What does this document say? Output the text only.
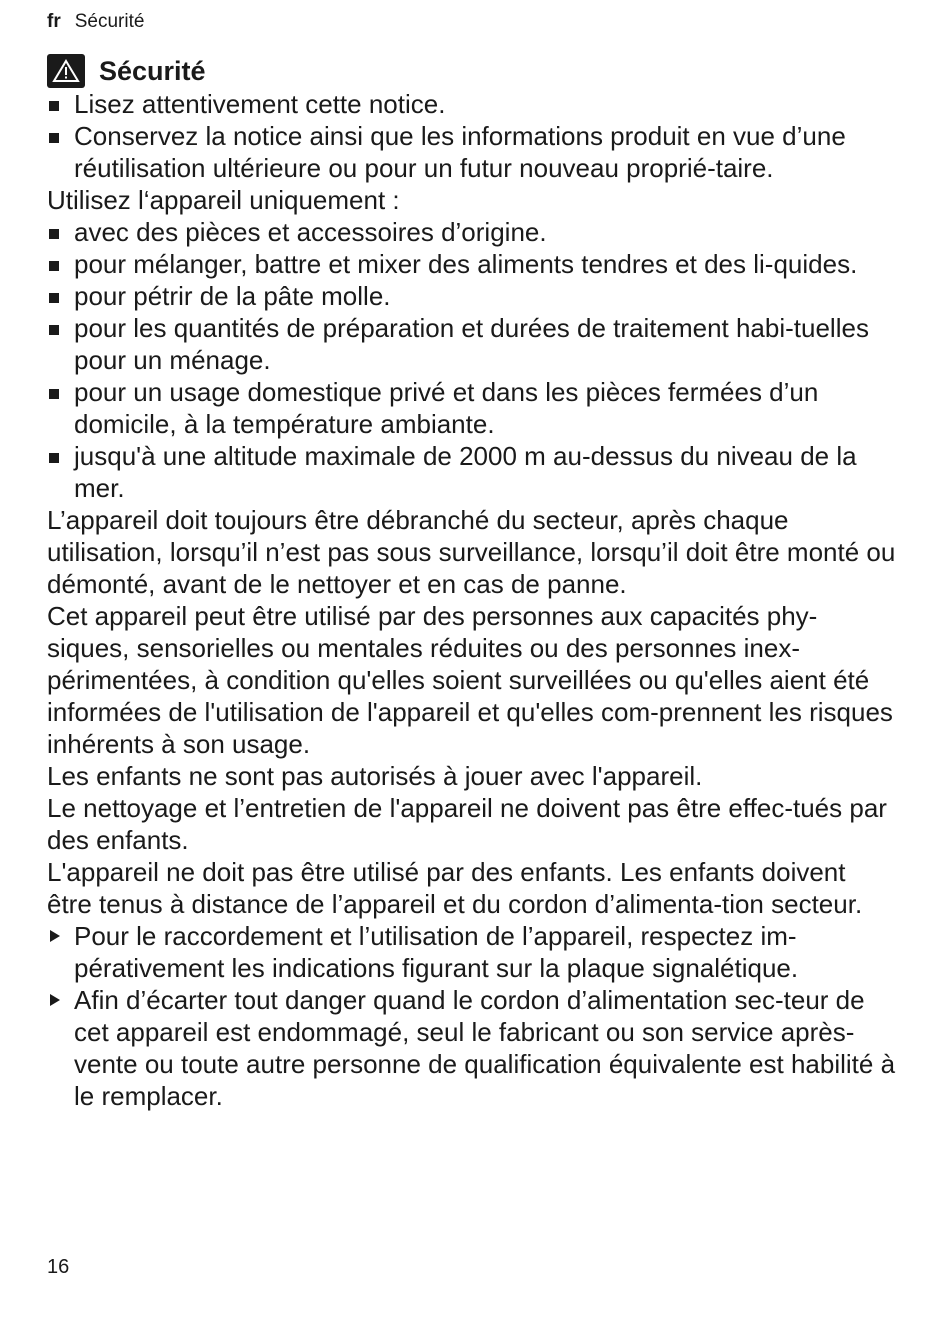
fr Sécurité
Sécurité
Lisez attentivement cette notice.
Conservez la notice ainsi que les informations produit en vue d’une réutilisation ultérieure ou pour un futur nouveau proprié-taire.

Utilisez l‘appareil uniquement :

avec des pièces et accessoires d’origine.
pour mélanger, battre et mixer des aliments tendres et des li-quides.
pour pétrir de la pâte molle.
pour les quantités de préparation et durées de traitement habi-tuelles pour un ménage.
pour un usage domestique privé et dans les pièces fermées d’un domicile, à la température ambiante.
jusqu'à une altitude maximale de 2000 m au-dessus du niveau de la mer.

L’appareil doit toujours être débranché du secteur, après chaque utilisation, lorsqu’il n’est pas sous surveillance, lorsqu’il doit être monté ou démonté, avant de le nettoyer et en cas de panne.

Cet appareil peut être utilisé par des personnes aux capacités phy-siques, sensorielles ou mentales réduites ou des personnes inex-périmentées, à condition qu'elles soient surveillées ou qu'elles aient été informées de l'utilisation de l'appareil et qu'elles com-prennent les risques inhérents à son usage.

Les enfants ne sont pas autorisés à jouer avec l'appareil.

Le nettoyage et l’entretien de l'appareil ne doivent pas être effec-tués par des enfants.

L'appareil ne doit pas être utilisé par des enfants. Les enfants doivent être tenus à distance de l’appareil et du cordon d’alimenta-tion secteur.

Pour le raccordement et l’utilisation de l’appareil, respectez im-pérativement les indications figurant sur la plaque signalétique.
Afin d’écarter tout danger quand le cordon d’alimentation sec-teur de cet appareil est endommagé, seul le fabricant ou son service après-vente ou toute autre personne de qualification équivalente est habilité à le remplacer.
16
